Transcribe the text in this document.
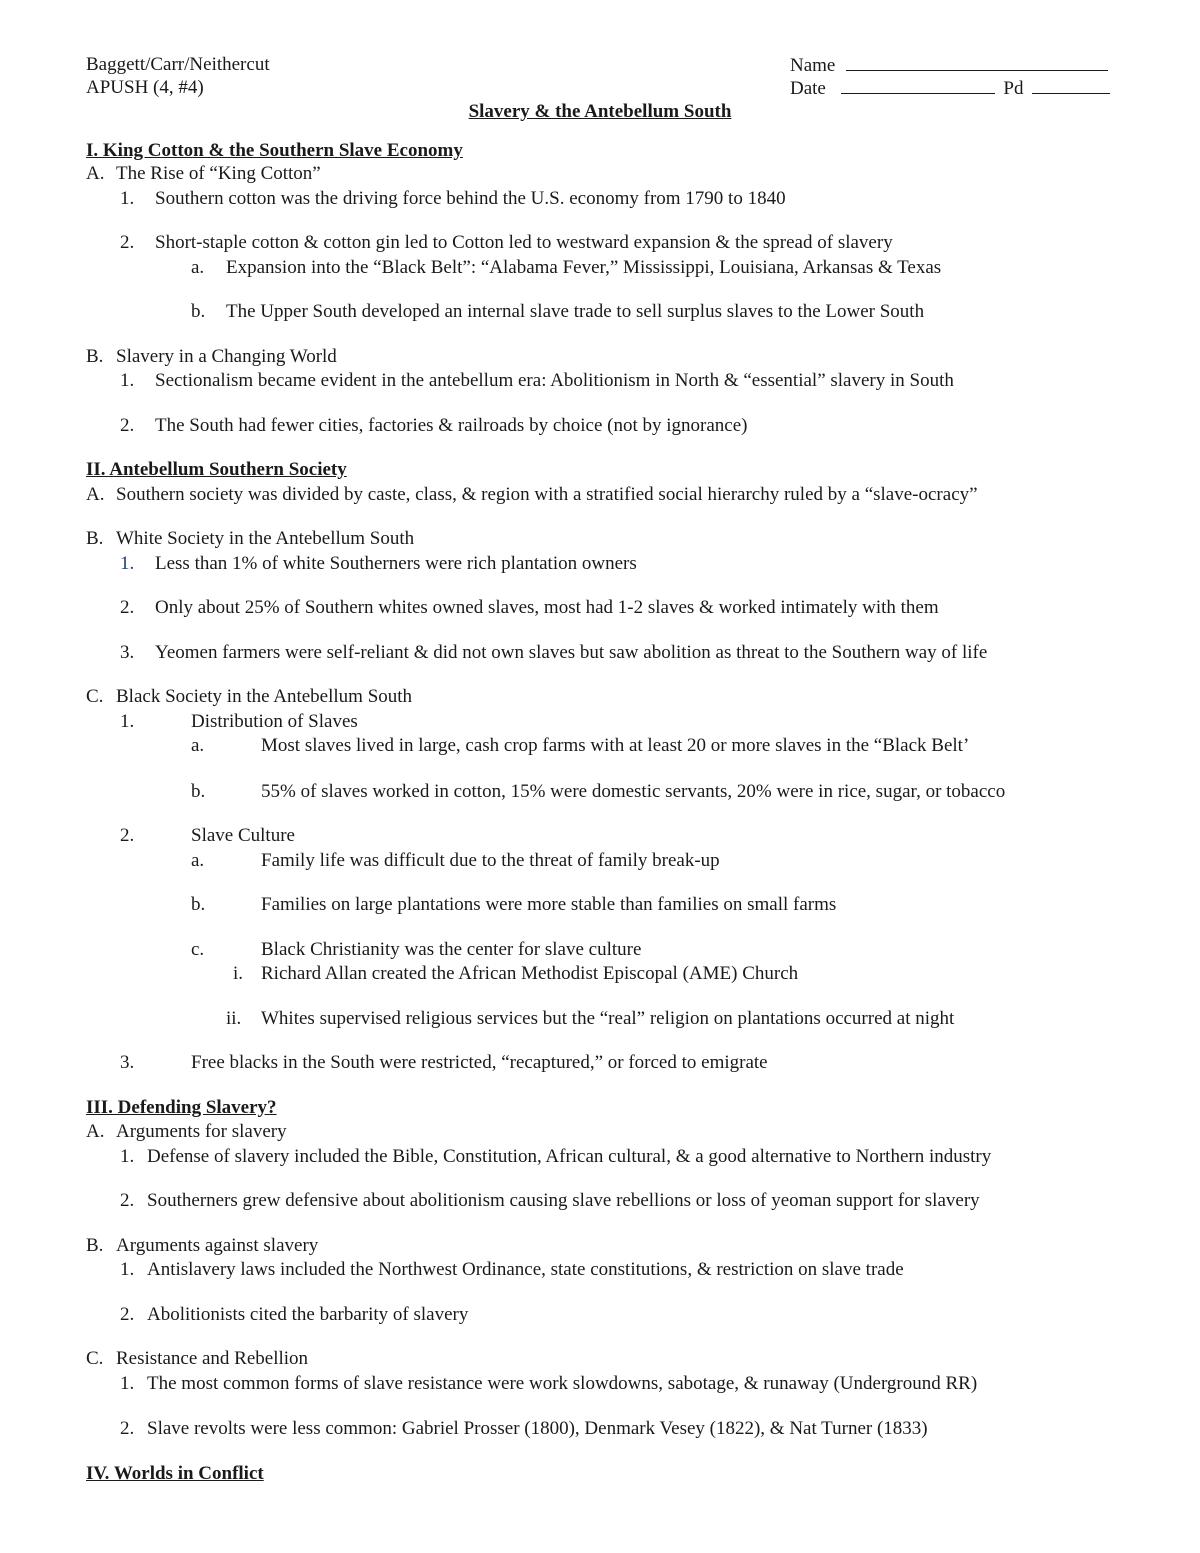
Baggett/Carr/Neithercut
APUSH (4, #4)
Name
Date	Pd
Slavery & the Antebellum South
I. King Cotton & the Southern Slave Economy
A. The Rise of “King Cotton”
1. Southern cotton was the driving force behind the U.S. economy from 1790 to 1840
2. Short-staple cotton & cotton gin led to Cotton led to westward expansion & the spread of slavery
a. Expansion into the “Black Belt”: “Alabama Fever,” Mississippi, Louisiana, Arkansas & Texas
b. The Upper South developed an internal slave trade to sell surplus slaves to the Lower South
B. Slavery in a Changing World
1. Sectionalism became evident in the antebellum era: Abolitionism in North & “essential” slavery in South
2. The South had fewer cities, factories & railroads by choice (not by ignorance)
II. Antebellum Southern Society
A. Southern society was divided by caste, class, & region with a stratified social hierarchy ruled by a “slave-ocracy”
B. White Society in the Antebellum South
1. Less than 1% of white Southerners were rich plantation owners
2. Only about 25% of Southern whites owned slaves, most had 1-2 slaves & worked intimately with them
3. Yeomen farmers were self-reliant & did not own slaves but saw abolition as threat to the Southern way of life
C. Black Society in the Antebellum South
1.	Distribution of Slaves
a.	Most slaves lived in large, cash crop farms with at least 20 or more slaves in the “Black Belt’
b.	55% of slaves worked in cotton, 15% were domestic servants, 20% were in rice, sugar, or tobacco
2.	Slave Culture
a.	Family life was difficult due to the threat of family break-up
b.	Families on large plantations were more stable than families on small farms
c.	Black Christianity was the center for slave culture
i. Richard Allan created the African Methodist Episcopal (AME) Church
ii. Whites supervised religious services but the “real” religion on plantations occurred at night
3.	Free blacks in the South were restricted, “recaptured,” or forced to emigrate
III. Defending Slavery?
A. Arguments for slavery
1. Defense of slavery included the Bible, Constitution, African cultural, & a good alternative to Northern industry
2. Southerners grew defensive about abolitionism causing slave rebellions or loss of yeoman support for slavery
B. Arguments against slavery
1. Antislavery laws included the Northwest Ordinance, state constitutions, & restriction on slave trade
2. Abolitionists cited the barbarity of slavery
C. Resistance and Rebellion
1. The most common forms of slave resistance were work slowdowns, sabotage, & runaway (Underground RR)
2. Slave revolts were less common: Gabriel Prosser (1800), Denmark Vesey (1822), & Nat Turner (1833)
IV. Worlds in Conflict
